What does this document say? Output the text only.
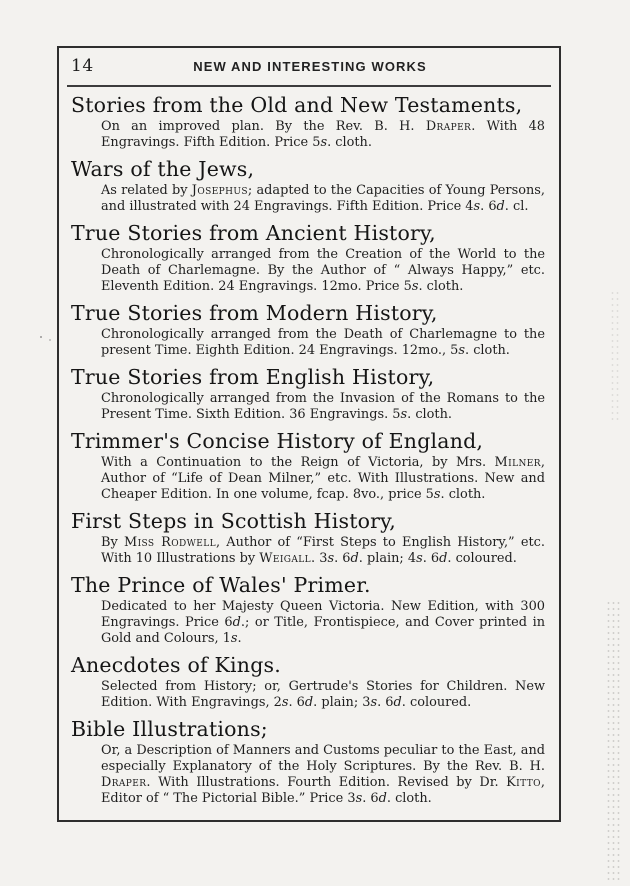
14	NEW AND INTERESTING WORKS
Stories from the Old and New Testaments,

On an improved plan. By the Rev. B. H. Draper. With 48 Engravings. Fifth Edition. Price 5s. cloth.

Wars of the Jews,

As related by Josephus; adapted to the Capacities of Young Persons, and illustrated with 24 Engravings. Fifth Edition. Price 4s. 6d. cl.

True Stories from Ancient History,

Chronologically arranged from the Creation of the World to the Death of Charlemagne. By the Author of “ Always Happy,” etc. Eleventh Edition. 24 Engravings. 12mo. Price 5s. cloth.

True Stories from Modern History,

Chronologically arranged from the Death of Charlemagne to the present Time. Eighth Edition. 24 Engravings. 12mo., 5s. cloth.

True Stories from English History,

Chronologically arranged from the Invasion of the Romans to the Present Time. Sixth Edition. 36 Engravings. 5s. cloth.

Trimmer's Concise History of England,

With a Continuation to the Reign of Victoria, by Mrs. Milner, Author of “Life of Dean Milner,” etc. With Illustrations. New and Cheaper Edition. In one volume, fcap. 8vo., price 5s. cloth.

First Steps in Scottish History,

By Miss Rodwell, Author of “First Steps to English History,” etc. With 10 Illustrations by Weigall. 3s. 6d. plain; 4s. 6d. coloured.

The Prince of Wales' Primer.

Dedicated to her Majesty Queen Victoria. New Edition, with 300 Engravings. Price 6d.; or Title, Frontispiece, and Cover printed in Gold and Colours, 1s.

Anecdotes of Kings.

Selected from History; or, Gertrude's Stories for Children. New Edition. With Engravings, 2s. 6d. plain; 3s. 6d. coloured.

Bible Illustrations;

Or, a Description of Manners and Customs peculiar to the East, and especially Explanatory of the Holy Scriptures. By the Rev. B. H. Draper. With Illustrations. Fourth Edition. Revised by Dr. Kitto, Editor of “ The Pictorial Bible.” Price 3s. 6d. cloth.
